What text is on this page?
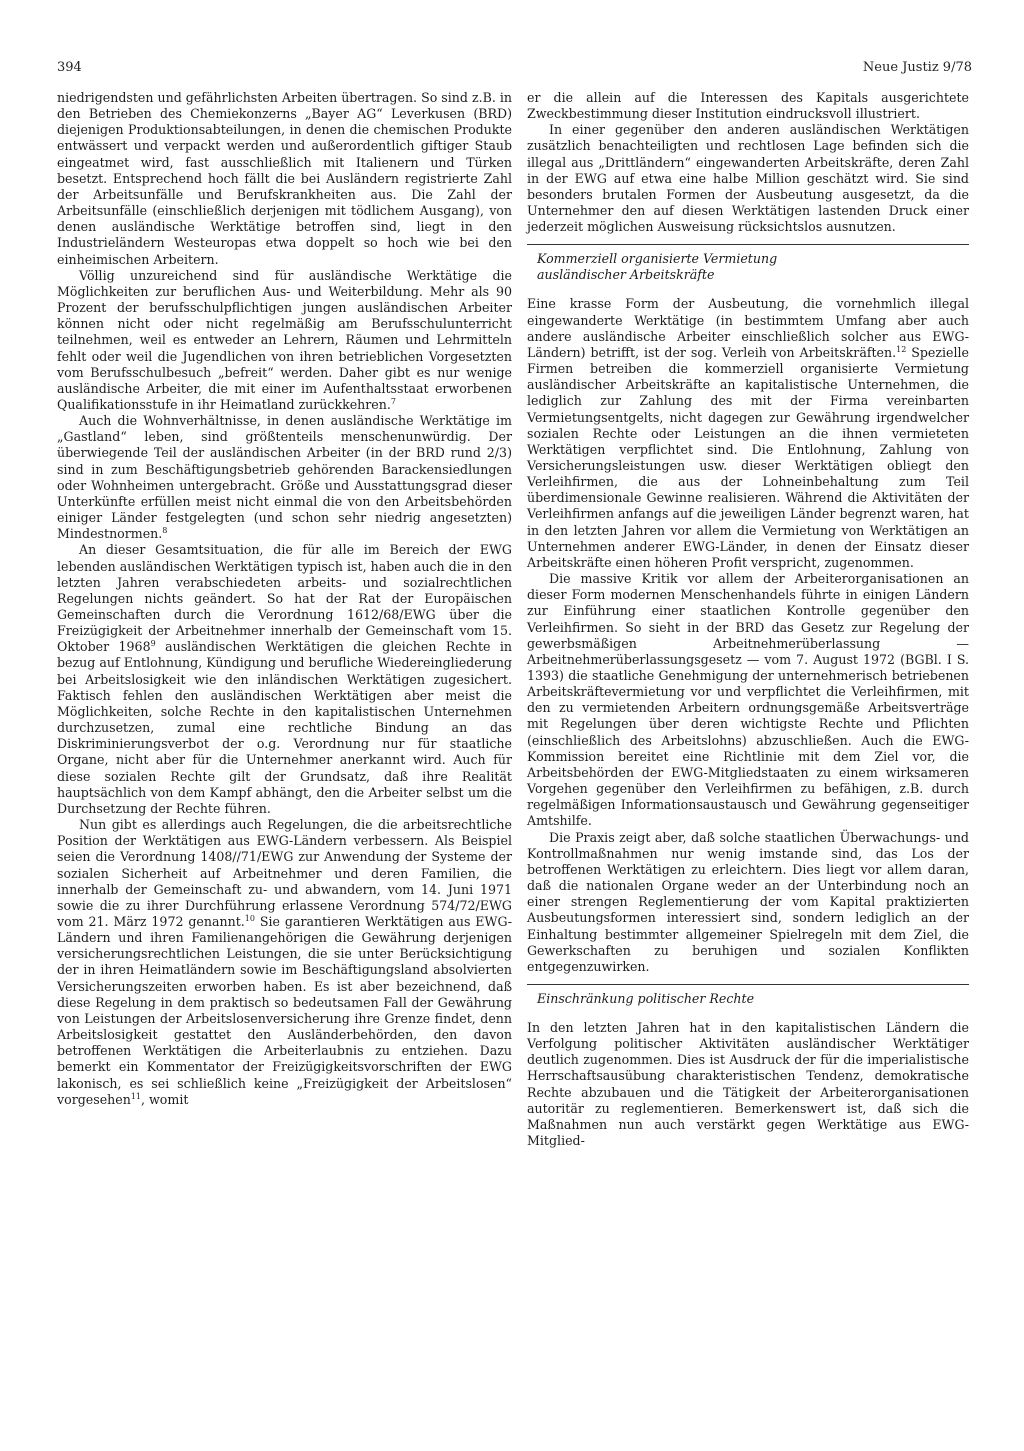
394	Neue Justiz 9/78

niedrigendsten und gefährlichsten Arbeiten übertragen. So sind z.B. in den Betrieben des Chemiekonzerns „Bayer AG“ Leverkusen (BRD) diejenigen Produktionsabteilungen, in denen die chemischen Produkte entwässert und verpackt werden und außerordentlich giftiger Staub eingeatmet wird, fast ausschließlich mit Italienern und Türken besetzt. Entsprechend hoch fällt die bei Ausländern registrierte Zahl der Arbeitsunfälle und Berufskrankheiten aus. Die Zahl der Arbeitsunfälle (einschließlich derjenigen mit tödlichem Ausgang), von denen ausländische Werktätige betroffen sind, liegt in den Industrieländern Westeuropas etwa doppelt so hoch wie bei den einheimischen Arbeitern.

Völlig unzureichend sind für ausländische Werktätige die Möglichkeiten zur beruflichen Aus- und Weiterbildung. Mehr als 90 Prozent der berufsschulpflichtigen jungen ausländischen Arbeiter können nicht oder nicht regelmäßig am Berufsschulunterricht teilnehmen, weil es entweder an Lehrern, Räumen und Lehrmitteln fehlt oder weil die Jugendlichen von ihren betrieblichen Vorgesetzten vom Berufsschulbesuch „befreit“ werden. Daher gibt es nur wenige ausländische Arbeiter, die mit einer im Aufenthaltsstaat erworbenen Qualifikationsstufe in ihr Heimatland zurückkehren.$^7$

Auch die Wohnverhältnisse, in denen ausländische Werktätige im „Gastland“ leben, sind größtenteils menschenunwürdig. Der überwiegende Teil der ausländischen Arbeiter (in der BRD rund 2/3) sind in zum Beschäftigungsbetrieb gehörenden Barackensiedlungen oder Wohnheimen untergebracht. Größe und Ausstattungsgrad dieser Unterkünfte erfüllen meist nicht einmal die von den Arbeitsbehörden einiger Länder festgelegten (und schon sehr niedrig angesetzten) Mindestnormen.$^8$

An dieser Gesamtsituation, die für alle im Bereich der EWG lebenden ausländischen Werktätigen typisch ist, haben auch die in den letzten Jahren verabschiedeten arbeits- und sozialrechtlichen Regelungen nichts geändert. So hat der Rat der Europäischen Gemeinschaften durch die Verordnung 1612/68/EWG über die Freizügigkeit der Arbeitnehmer innerhalb der Gemeinschaft vom 15. Oktober 1968$^9$ ausländischen Werktätigen die gleichen Rechte in bezug auf Entlohnung, Kündigung und berufliche Wiedereingliederung bei Arbeitslosigkeit wie den inländischen Werktätigen zugesichert. Faktisch fehlen den ausländischen Werktätigen aber meist die Möglichkeiten, solche Rechte in den kapitalistischen Unternehmen durchzusetzen, zumal eine rechtliche Bindung an das Diskriminierungsverbot der o.g. Verordnung nur für staatliche Organe, nicht aber für die Unternehmer anerkannt wird. Auch für diese sozialen Rechte gilt der Grundsatz, daß ihre Realität hauptsächlich von dem Kampf abhängt, den die Arbeiter selbst um die Durchsetzung der Rechte führen.

Nun gibt es allerdings auch Regelungen, die die arbeitsrechtliche Position der Werktätigen aus EWG-Ländern verbessern. Als Beispiel seien die Verordnung 1408//71/EWG zur Anwendung der Systeme der sozialen Sicherheit auf Arbeitnehmer und deren Familien, die innerhalb der Gemeinschaft zu- und abwandern, vom 14. Juni 1971 sowie die zu ihrer Durchführung erlassene Verordnung 574/72/EWG vom 21. März 1972 genannt.$^{10}$ Sie garantieren Werktätigen aus EWG-Ländern und ihren Familienangehörigen die Gewährung derjenigen versicherungsrechtlichen Leistungen, die sie unter Berücksichtigung der in ihren Heimatländern sowie im Beschäftigungsland absolvierten Versicherungszeiten erworben haben. Es ist aber bezeichnend, daß diese Regelung in dem praktisch so bedeutsamen Fall der Gewährung von Leistungen der Arbeitslosenversicherung ihre Grenze findet, denn Arbeitslosigkeit gestattet den Ausländerbehörden, den davon betroffenen Werktätigen die Arbeiterlaubnis zu entziehen. Dazu bemerkt ein Kommentator der Freizügigkeitsvorschriften der EWG lakonisch, es sei schließlich keine „Freizügigkeit der Arbeitslosen“ vorgesehen$^{11}$, womit

er die allein auf die Interessen des Kapitals ausgerichtete Zweckbestimmung dieser Institution eindrucksvoll illustriert.

In einer gegenüber den anderen ausländischen Werktätigen zusätzlich benachteiligten und rechtlosen Lage befinden sich die illegal aus „Drittländern“ eingewanderten Arbeitskräfte, deren Zahl in der EWG auf etwa eine halbe Million geschätzt wird. Sie sind besonders brutalen Formen der Ausbeutung ausgesetzt, da die Unternehmer den auf diesen Werktätigen lastenden Druck einer jederzeit möglichen Ausweisung rücksichtslos ausnutzen.

Kommerziell organisierte Vermietung
ausländischer Arbeitskräfte

Eine krasse Form der Ausbeutung, die vornehmlich illegal eingewanderte Werktätige (in bestimmtem Umfang aber auch andere ausländische Arbeiter einschließlich solcher aus EWG-Ländern) betrifft, ist der sog. Verleih von Arbeitskräften.$^{12}$ Spezielle Firmen betreiben die kommerziell organisierte Vermietung ausländischer Arbeitskräfte an kapitalistische Unternehmen, die lediglich zur Zahlung des mit der Firma vereinbarten Vermietungsentgelts, nicht dagegen zur Gewährung irgendwelcher sozialen Rechte oder Leistungen an die ihnen vermieteten Werktätigen verpflichtet sind. Die Entlohnung, Zahlung von Versicherungsleistungen usw. dieser Werktätigen obliegt den Verleihfirmen, die aus der Lohneinbehaltung zum Teil überdimensionale Gewinne realisieren. Während die Aktivitäten der Verleihfirmen anfangs auf die jeweiligen Länder begrenzt waren, hat in den letzten Jahren vor allem die Vermietung von Werktätigen an Unternehmen anderer EWG-Länder, in denen der Einsatz dieser Arbeitskräfte einen höheren Profit verspricht, zugenommen.

Die massive Kritik vor allem der Arbeiterorganisationen an dieser Form modernen Menschenhandels führte in einigen Ländern zur Einführung einer staatlichen Kontrolle gegenüber den Verleihfirmen. So sieht in der BRD das Gesetz zur Regelung der gewerbsmäßigen Arbeitnehmerüberlassung — Arbeitnehmerüberlassungsgesetz — vom 7. August 1972 (BGBl. I S. 1393) die staatliche Genehmigung der unternehmerisch betriebenen Arbeitskräftevermietung vor und verpflichtet die Verleihfirmen, mit den zu vermietenden Arbeitern ordnungsgemäße Arbeitsverträge mit Regelungen über deren wichtigste Rechte und Pflichten (einschließlich des Arbeitslohns) abzuschließen. Auch die EWG-Kommission bereitet eine Richtlinie mit dem Ziel vor, die Arbeitsbehörden der EWG-Mitgliedstaaten zu einem wirksameren Vorgehen gegenüber den Verleihfirmen zu befähigen, z.B. durch regelmäßigen Informationsaustausch und Gewährung gegenseitiger Amtshilfe.

Die Praxis zeigt aber, daß solche staatlichen Überwachungs- und Kontrollmaßnahmen nur wenig imstande sind, das Los der betroffenen Werktätigen zu erleichtern. Dies liegt vor allem daran, daß die nationalen Organe weder an der Unterbindung noch an einer strengen Reglementierung der vom Kapital praktizierten Ausbeutungsformen interessiert sind, sondern lediglich an der Einhaltung bestimmter allgemeiner Spielregeln mit dem Ziel, die Gewerkschaften zu beruhigen und sozialen Konflikten entgegenzuwirken.

Einschränkung politischer Rechte

In den letzten Jahren hat in den kapitalistischen Ländern die Verfolgung politischer Aktivitäten ausländischer Werktätiger deutlich zugenommen. Dies ist Ausdruck der für die imperialistische Herrschaftsausübung charakteristischen Tendenz, demokratische Rechte abzubauen und die Tätigkeit der Arbeiterorganisationen autoritär zu reglementieren. Bemerkenswert ist, daß sich die Maßnahmen nun auch verstärkt gegen Werktätige aus EWG-Mitglied-
